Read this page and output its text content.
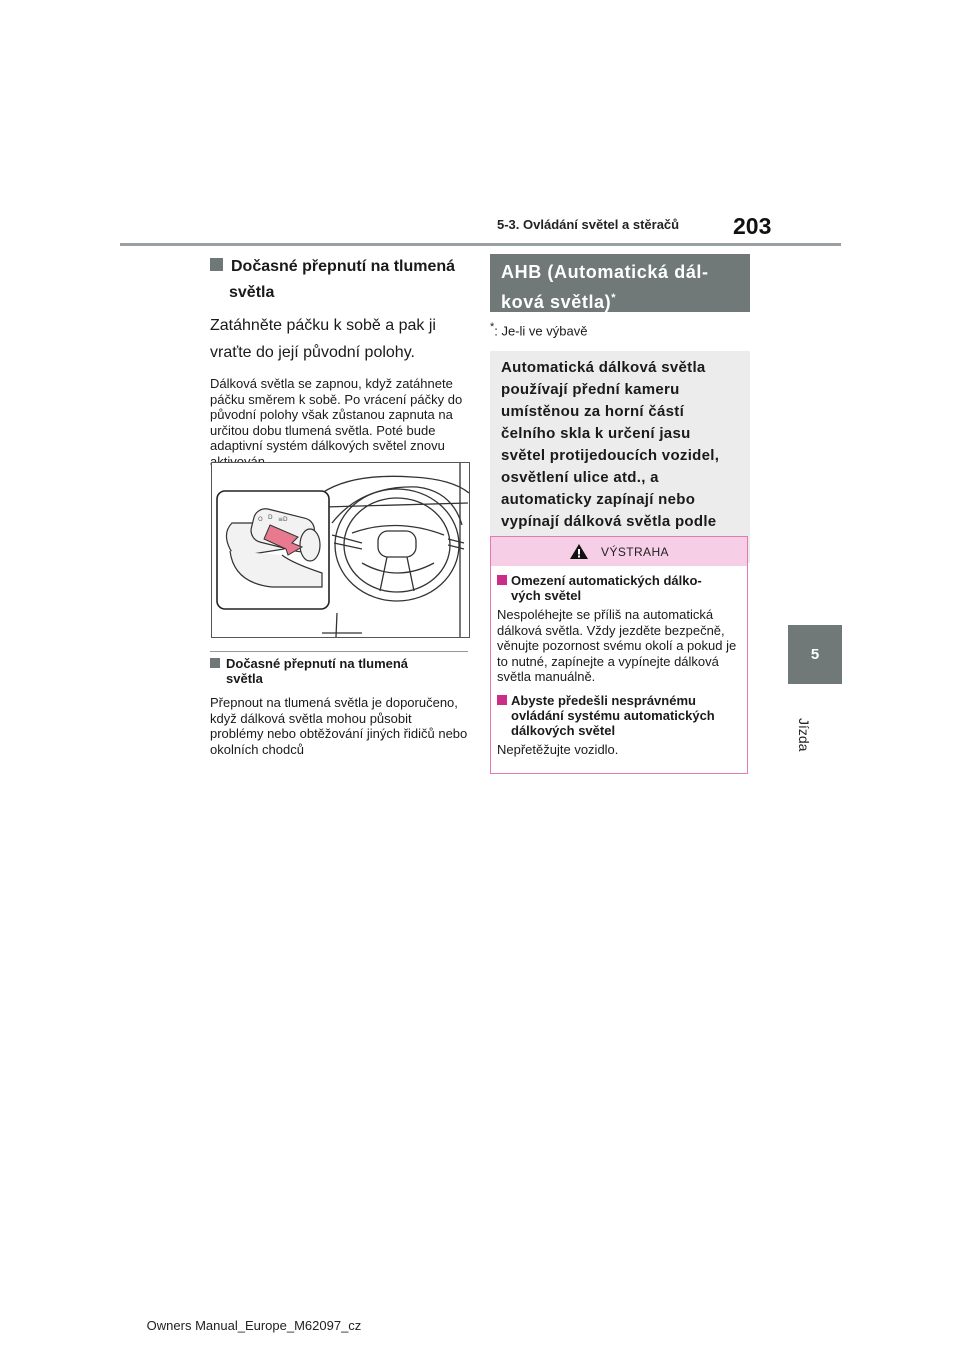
5-3. Ovládání světel a stěračů 203
5
Jízda

Dočasné přepnutí na tlumená
světla

Zatáhněte páčku k sobě a pak ji vraťte do její původní polohy.

Dálková světla se zapnou, když zatáhnete páčku směrem k sobě. Po vrácení páčky do původní polohy však zůstanou zapnuta na určitou dobu tlumená světla. Poté bude adaptivní systém dálkových světel znovu

O D ≡D
Dočasné přepnutí na tlumená
světla
Přepnout na tlumená světla je doporučeno, když dálková světla mohou působit problémy nebo obtěžování jiných řidičů nebo okolních chodců
AHB (Automatická dál-
ková světla)*

*: Je-li ve výbavě

Automatická dálková světla používají přední kameru umístěnou za horní částí čelního skla k určení jasu světel protijedoucích vozidel, osvětlení ulice atd., a automaticky zapínají nebo vypínají dálková světla podle
VÝSTRAHA
Omezení automatických dálko-
vých světel

Nespoléhejte se příliš na automatická dálková světla. Vždy jezděte bezpečně, věnujte pozornost svému okolí a pokud je to nutné, zapínejte a vypínejte dálková světla manuálně.

Abyste předešli nesprávnému
ovládání systému automatických
dálkových světel

Nepřetěžujte vozidlo.

Owners Manual_Europe_M62097_cz
